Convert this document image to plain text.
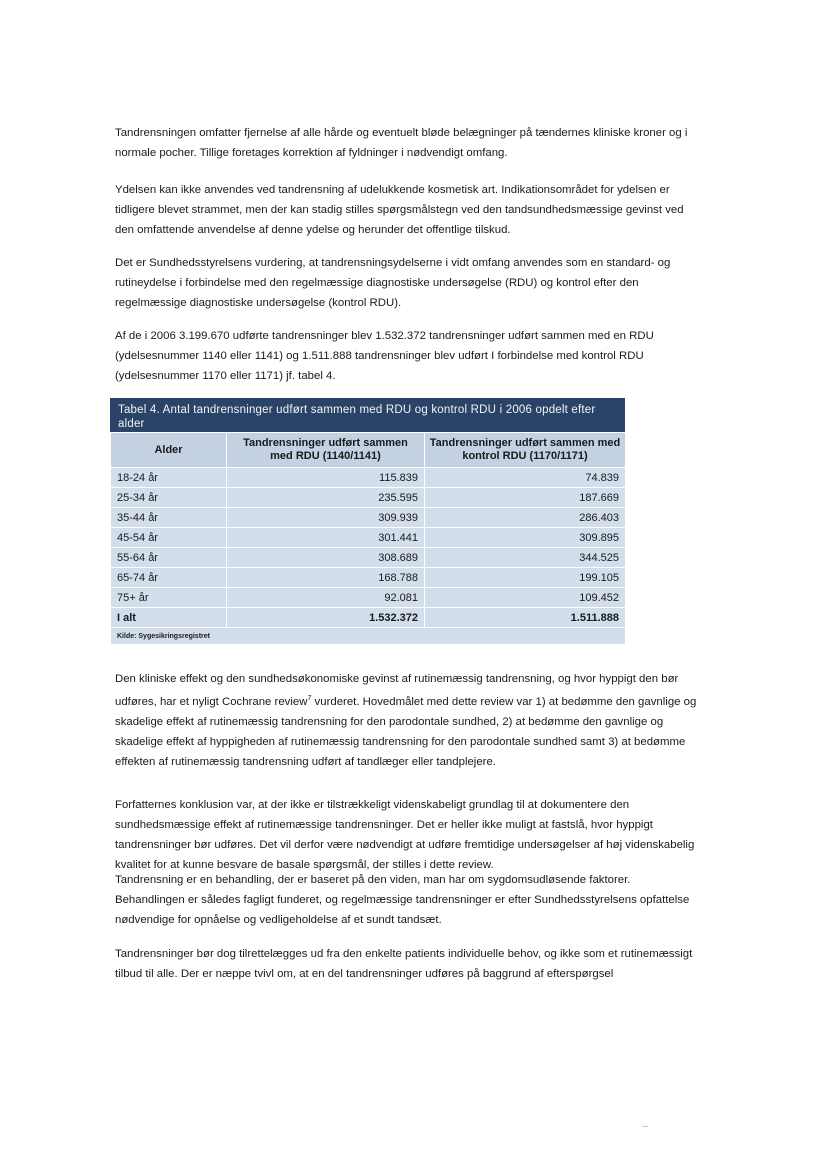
Tandrensningen omfatter fjernelse af alle hårde og eventuelt bløde belægninger på tændernes kliniske kroner og i normale pocher. Tillige foretages korrektion af fyldninger i nødvendigt omfang.

Ydelsen kan ikke anvendes ved tandrensning af udelukkende kosmetisk art. Indikationsområdet for ydelsen er tidligere blevet strammet, men der kan stadig stilles spørgsmålstegn ved den tandsundhedsmæssige gevinst ved den omfattende anvendelse af denne ydelse og herunder det offentlige tilskud.

Det er Sundhedsstyrelsens vurdering, at tandrensningsydelserne i vidt omfang anvendes som en standard- og rutineydelse i forbindelse med den regelmæssige diagnostiske undersøgelse (RDU) og kontrol efter den regelmæssige diagnostiske undersøgelse (kontrol RDU).

Af de i 2006 3.199.670 udførte tandrensninger blev 1.532.372 tandrensninger udført sammen med en RDU (ydelsesnummer 1140 eller 1141) og 1.511.888 tandrensninger blev udført I forbindelse med kontrol RDU (ydelsesnummer 1170 eller 1171) jf. tabel 4.

Tabel 4. Antal tandrensninger udført sammen med RDU og kontrol RDU i 2006 opdelt efter alder
Alder	Tandrensninger udført sammen med RDU (1140/1141)	Tandrensninger udført sammen med kontrol RDU (1170/1171)
18-24 år	115.839	74.839
25-34 år	235.595	187.669
35-44 år	309.939	286.403
45-54 år	301.441	309.895
55-64 år	308.689	344.525
65-74 år	168.788	199.105
75+ år	92.081	109.452
I alt	1.532.372	1.511.888
Kilde: Sygesikringsregistret		

Den kliniske effekt og den sundhedsøkonomiske gevinst af rutinemæssig tandrensning, og hvor hyppigt den bør udføres, har et nyligt Cochrane review$^7$ vurderet. Hovedmålet med dette review var 1) at bedømme den gavnlige og skadelige effekt af rutinemæssig tandrensning for den parodontale sundhed, 2) at bedømme den gavnlige og skadelige effekt af hyppigheden af rutinemæssig tandrensning for den parodontale sundhed samt 3) at bedømme effekten af rutinemæssig tandrensning udført af tandlæger eller tandplejere.

Forfatternes konklusion var, at der ikke er tilstrækkeligt videnskabeligt grundlag til at dokumentere den sundhedsmæssige effekt af rutinemæssige tandrensninger. Det er heller ikke muligt at fastslå, hvor hyppigt tandrensninger bør udføres. Det vil derfor være nødvendigt at udføre fremtidige undersøgelser af høj videnskabelig kvalitet for at kunne besvare de basale spørgsmål, der stilles i dette review.

Tandrensning er en behandling, der er baseret på den viden, man har om sygdomsudløsende faktorer. Behandlingen er således fagligt funderet, og regelmæssige tandrensninger er efter Sundhedsstyrelsens opfattelse nødvendige for opnåelse og vedligeholdelse af et sundt tandsæt.

Tandrensninger bør dog tilrettelægges ud fra den enkelte patients individuelle behov, og ikke som et rutinemæssigt tilbud til alle. Der er næppe tvivl om, at en del tandrensninger udføres på baggrund af efterspørgsel
